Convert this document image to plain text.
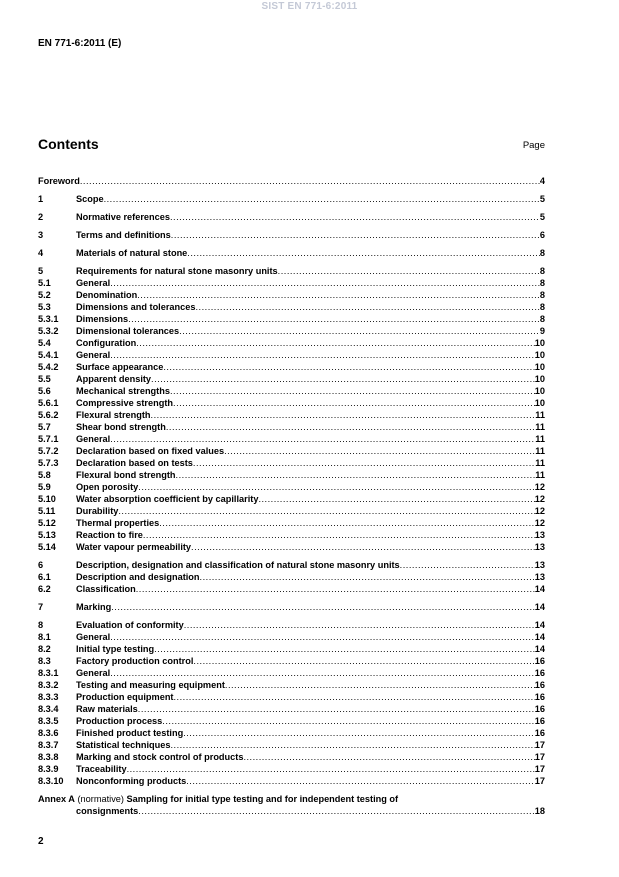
SIST EN 771-6:2011
EN 771-6:2011 (E)
Contents	Page
Foreword .....	4
1	Scope .....	5
2	Normative references .....	5
3	Terms and definitions .....	6
4	Materials of natural stone .....	8
5	Requirements for natural stone masonry units .....	8
5.1	General .....	8
5.2	Denomination .....	8
5.3	Dimensions and tolerances .....	8
5.3.1	Dimensions .....	8
5.3.2	Dimensional tolerances .....	9
5.4	Configuration .....	10
5.4.1	General .....	10
5.4.2	Surface appearance .....	10
5.5	Apparent density .....	10
5.6	Mechanical strengths .....	10
5.6.1	Compressive strength .....	10
5.6.2	Flexural strength .....	11
5.7	Shear bond strength .....	11
5.7.1	General .....	11
5.7.2	Declaration based on fixed values .....	11
5.7.3	Declaration based on tests .....	11
5.8	Flexural bond strength .....	11
5.9	Open porosity .....	12
5.10	Water absorption coefficient by capillarity .....	12
5.11	Durability .....	12
5.12	Thermal properties .....	12
5.13	Reaction to fire .....	13
5.14	Water vapour permeability .....	13
6	Description, designation and classification of natural stone masonry units .....	13
6.1	Description and designation .....	13
6.2	Classification .....	14
7	Marking .....	14
8	Evaluation of conformity .....	14
8.1	General .....	14
8.2	Initial type testing .....	14
8.3	Factory production control .....	16
8.3.1	General .....	16
8.3.2	Testing and measuring equipment .....	16
8.3.3	Production equipment .....	16
8.3.4	Raw materials .....	16
8.3.5	Production process .....	16
8.3.6	Finished product testing .....	16
8.3.7	Statistical techniques .....	17
8.3.8	Marking and stock control of products .....	17
8.3.9	Traceability .....	17
8.3.10	Nonconforming products .....	17
Annex A (normative) Sampling for initial type testing and for independent testing of
consignments .....	18
2
